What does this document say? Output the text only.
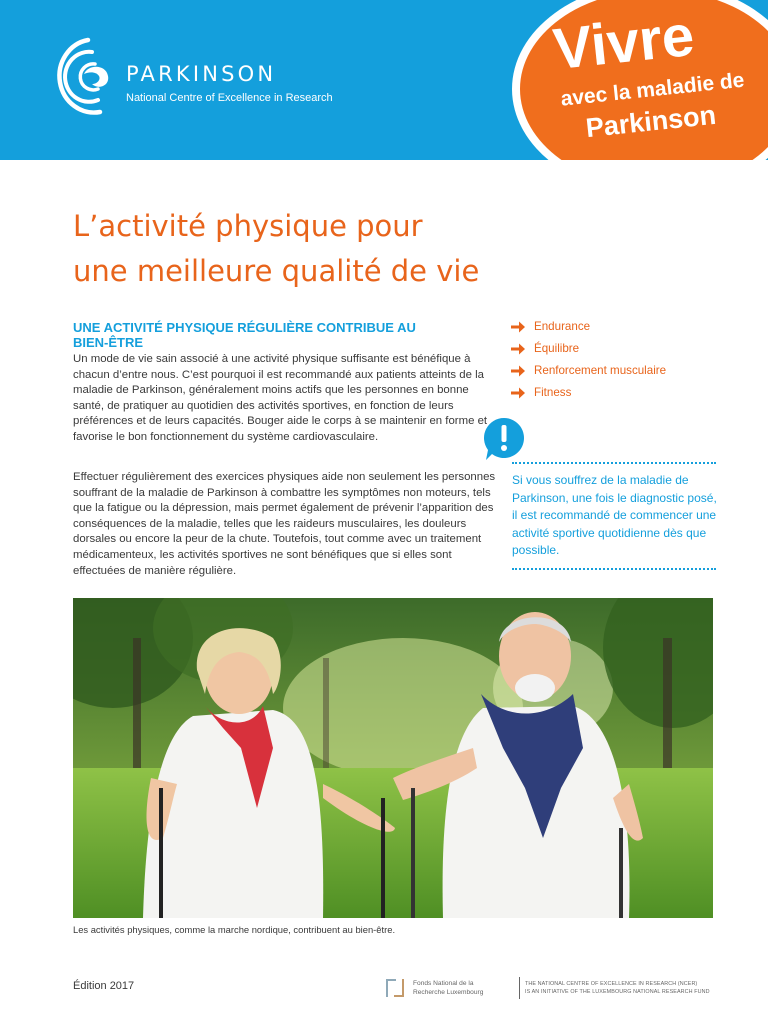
PARKINSON
National Centre of Excellence in Research
Vivre
avec la maladie de
Parkinson
L’activité physique pour
une meilleure qualité de vie
UNE ACTIVITÉ PHYSIQUE RÉGULIÈRE CONTRIBUE AU BIEN-ÊTRE

Un mode de vie sain associé à une activité physique suffisante est bénéfique à chacun d’entre nous. C’est pourquoi il est recommandé aux patients atteints de la maladie de Parkinson, généralement moins actifs que les personnes en bonne santé, de pratiquer au quotidien des activités sportives, en fonction de leurs préférences et de leurs capacités. Bouger aide le corps à se maintenir en forme et favorise le bon fonctionnement du système cardiovasculaire.

Effectuer régulièrement des exercices physiques aide non seulement les personnes souffrant de la maladie de Parkinson à combattre les symptômes non moteurs, tels que la fatigue ou la dépression, mais permet également de prévenir l’apparition des conséquences de la maladie, telles que les raideurs musculaires, les douleurs dorsales ou encore la peur de la chute. Toutefois, tout comme avec un traitement médicamenteux, les activités sportives ne sont bénéfiques que si elles sont effectuées de manière régulière.

Endurance
Équilibre
Renforcement musculaire
Fitness

Si vous souffrez de la maladie de Parkinson, une fois le diagnostic posé, il est recommandé de commencer une activité sportive quotidienne dès que possible.

Les activités physiques, comme la marche nordique, contribuent au bien-être.
Édition 2017	Fonds National de la
Recherche Luxembourg
THE NATIONAL CENTRE OF EXCELLENCE IN RESEARCH (NCER)
IS AN INITIATIVE OF THE LUXEMBOURG NATIONAL RESEARCH FUND
